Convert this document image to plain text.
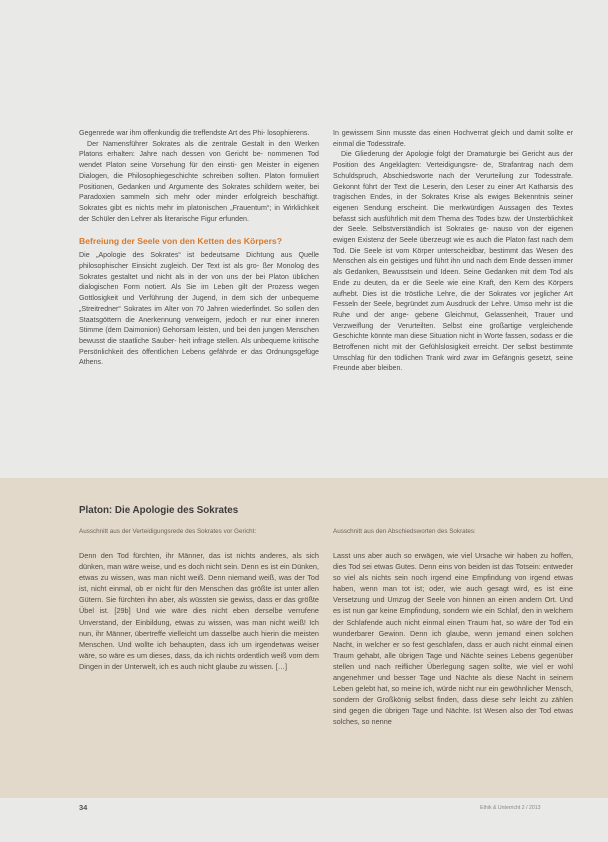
Gegenrede war ihm offenkundig die treffendste Art des Phi- losophierens.

Der Namensführer Sokrates als die zentrale Gestalt in den Werken Platons erhalten: Jahre nach dessen von Gericht be- nommenen Tod wendet Platon seine Vorsehung für den einsti- gen Meister in eigenen Dialogen, die Philosophiegeschichte schreiben sollten. Platon formuliert Positionen, Gedanken und Argumente des Sokrates schildern weiter, bei Paradoxien sammeln sich mehr oder minder erfolgreich beschäftigt. Sokrates gibt es nichts mehr im platonischen „Frauentum“; in Wirklichkeit der Schüler den Lehrer als literarische Figur erfunden.

Befreiung der Seele von den Ketten des Körpers?

Die „Apologie des Sokrates“ ist bedeutsame Dichtung aus Quelle philosophischer Einsicht zugleich. Der Text ist als gro- ßer Monolog des Sokrates gestaltet und nicht als in der von uns der bei Platon üblichen dialogischen Form notiert. Als Sie im Leben gilt der Prozess wegen Gottlosigkeit und Verführung der Jugend, in dem sich der unbequeme „Streitredner“ Sokrates im Alter von 70 Jahren wiederfindet. So sollen den Staatsgöttern die Anerkennung verweigern, jedoch er nur einer inneren Stimme (dem Daimonion) Gehorsam leisten, und bei den jungen Menschen bewusst die staatliche Sauber- heit infrage stellen. Als unbequeme kritische Persönlichkeit des öffentlichen Lebens gefährde er das Ordnungsgefüge Athens.

In gewissem Sinn musste das einen Hochverrat gleich und damit sollte er einmal die Todesstrafe.

Die Gliederung der Apologie folgt der Dramaturgie bei Gericht aus der Position des Angeklagten: Verteidigungsre- de, Strafantrag nach dem Schuldspruch, Abschiedsworte nach der Verurteilung zur Todesstrafe. Gekonnt führt der Text die Leserin, den Leser zu einer Art Katharsis des tragischen Endes, in der Sokrates Krise als ewiges Bekenntnis seiner eigenen Sendung erscheint. Die merkwürdigen Aussagen des Textes befasst sich ausführlich mit dem Thema des Todes bzw. der Unsterblichkeit der Seele. Selbstverständlich ist Sokrates ge- nauso von der eigenen ewigen Existenz der Seele überzeugt wie es auch die Platon fast nach dem Tod. Die Seele ist vom Körper unterscheidbar, bestimmt das Wesen des Menschen als ein geistiges und führt ihn und nach dem Ende dessen immer als Gedanken, Bewusstsein und Ideen. Seine Gedanken mit dem Tod als Ende zu deuten, da er die Seele wie eine Kraft, den Kern des Körpers aufhebt. Dies ist die tröstliche Lehre, die der Sokrates vor jeglicher Art Fesseln der Seele, begründet zum Ausdruck der Lehre. Umso mehr ist die Ruhe und der ange- gebene Gleichmut, Gelassenheit, Trauer und Verzweiflung der Verurteilten. Selbst eine großartige vergleichende Geschichte könnte man diese Situation nicht in Worte fassen, sodass er die Betroffenen nicht mit der Gefühlslosigkeit erreicht. Der selbst bestimmte Umschlag für den tödlichen Trank wird zwar im Gefängnis gesetzt, seine Freunde aber bleiben.

Platon: Die Apologie des Sokrates
Ausschnitt aus der Verteidigungsrede des Sokrates vor Gericht:	Ausschnitt aus den Abschiedsworten des Sokrates:
Denn den Tod fürchten, ihr Männer, das ist nichts anderes, als sich dünken, man wäre weise, und es doch nicht sein. Denn es ist ein Dünken, etwas zu wissen, was man nicht weiß. Denn niemand weiß, was der Tod ist, nicht einmal, ob er nicht für den Menschen das größte ist unter allen Gütern. Sie fürchten ihn aber, als wüssten sie gewiss, dass er das größte Übel ist. [29b] Und wie wäre dies nicht eben derselbe verrufene Unverstand, der Einbildung, etwas zu wissen, was man nicht weiß! Ich nun, ihr Männer, übertreffe vielleicht um dasselbe auch hierin die meisten Menschen. Und wollte ich behaupten, dass ich um irgendetwas weiser wäre, so wäre es um dieses, dass, da ich nichts ordentlich weiß vom dem Dingen in der Unterwelt, ich es auch nicht glaube zu wissen. […]
Lasst uns aber auch so erwägen, wie viel Ursache wir haben zu hoffen, dies Tod sei etwas Gutes. Denn eins von beiden ist das Totsein: entweder so viel als nichts sein noch irgend eine Empfindung von irgend etwas haben, wenn man tot ist; oder, wie auch gesagt wird, es ist eine Versetzung und Umzug der Seele von hinnen an einen andern Ort. Und es ist nun gar keine Empfindung, sondern wie ein Schlaf, den in welchem der Schlafende auch nicht einmal einen Traum hat, so wäre der Tod ein wunderbarer Gewinn. Denn ich glaube, wenn jemand einen solchen Nacht, in welcher er so fest geschlafen, dass er auch nicht einmal einen Traum gehabt, alle übrigen Tage und Nächte seines Lebens gegenüber stellen und nach reiflicher Überlegung sagen sollte, wie viel er wohl angenehmer und besser Tage und Nächte als diese Nacht in seinem Leben gelebt hat, so meine ich, würde nicht nur ein gewöhnlicher Mensch, sondern der Großkönig selbst finden, dass diese sehr leicht zu zählen sind gegen die übrigen Tage und Nächte. Ist Wesen also der Tod etwas solches, so nenne
34	Ethik & Unterricht 2 / 2013
